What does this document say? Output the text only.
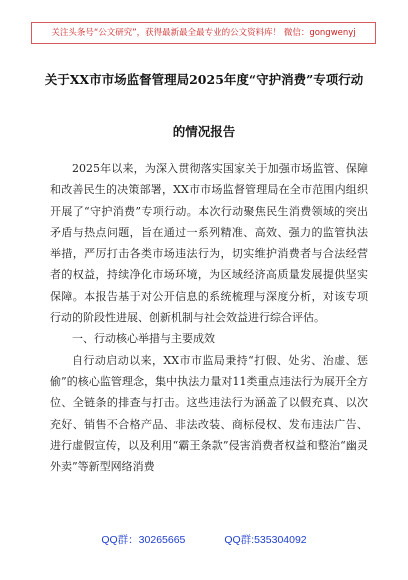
关注头条号“公文研究”，获得最新最全最专业的公文资料库！ 微信：gongwenyj
关于XX市市场监督管理局2025年度“守护消费”专项行动
的情况报告

2025年以来，为深入贯彻落实国家关于加强市场监管、保障和改善民生的决策部署，XX市市场监督管理局在全市范围内组织开展了“守护消费”专项行动。本次行动聚焦民生消费领域的突出矛盾与热点问题，旨在通过一系列精准、高效、强力的监管执法举措，严厉打击各类市场违法行为，切实维护消费者与合法经营者的权益，持续净化市场环境，为区域经济高质量发展提供坚实保障。本报告基于对公开信息的系统梳理与深度分析，对该专项行动的阶段性进展、创新机制与社会效益进行综合评估。

一、行动核心举措与主要成效

自行动启动以来，XX市市监局秉持“打假、处劣、治虚、惩偷”的核心监管理念，集中执法力量对11类重点违法行为展开全方位、全链条的排查与打击。这些违法行为涵盖了以假充真、以次充好、销售不合格产品、非法改装、商标侵权、发布违法广告、进行虚假宣传，以及利用“霸王条款”侵害消费者权益和整治“幽灵外卖”等新型网络消费

QQ群：30265665	QQ群:535304092
